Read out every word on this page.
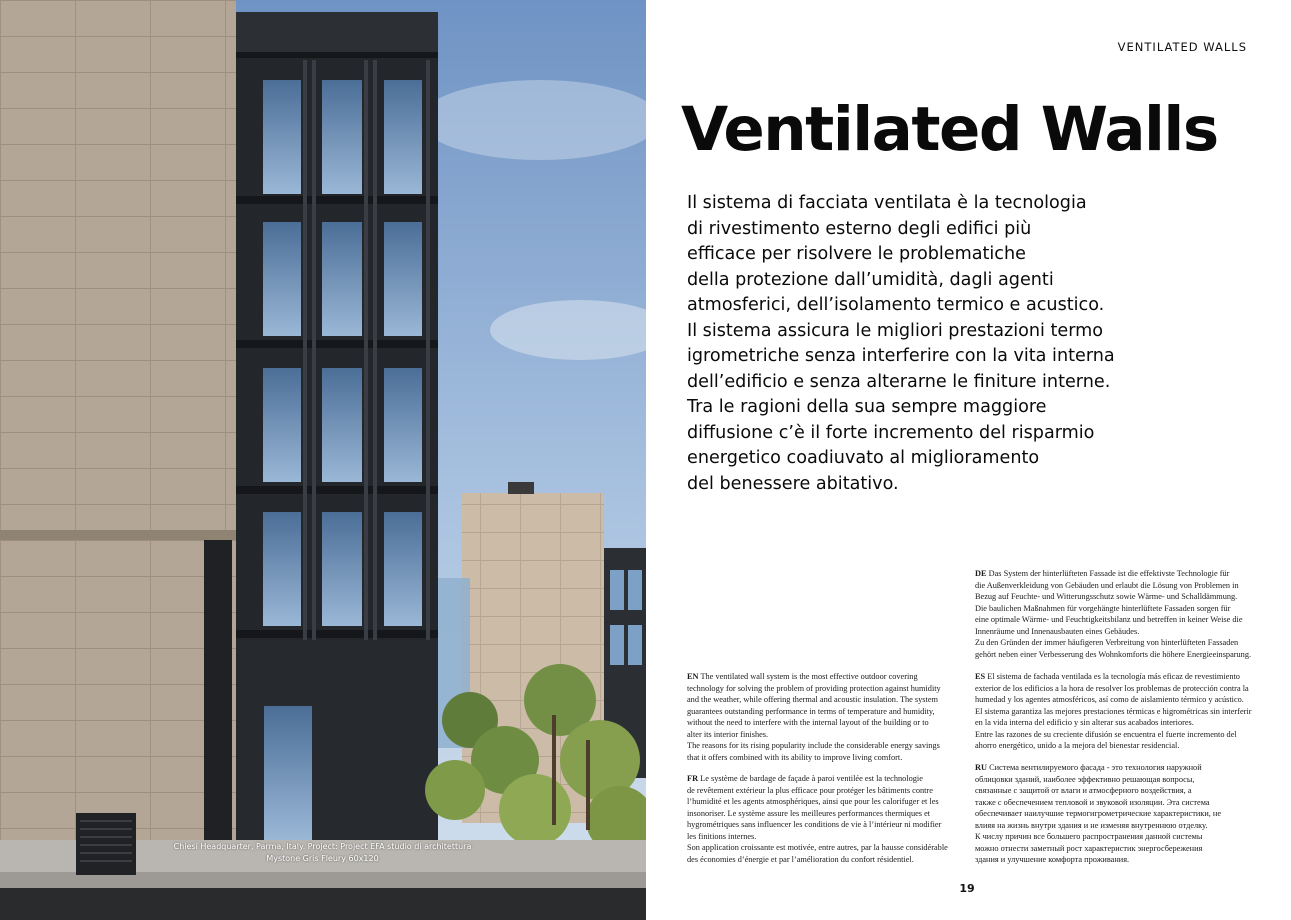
Chiesi Headquarter, Parma, Italy. Project: Project EFA studio di architettura
Mystone Gris Fleury 60x120
VENTILATED WALLS
Ventilated Walls
Il sistema di facciata ventilata è la tecnologia
di rivestimento esterno degli edifici più
efficace per risolvere le problematiche
della protezione dall’umidità, dagli agenti
atmosferici, dell’isolamento termico e acustico.
Il sistema assicura le migliori prestazioni termo
igrometriche senza interferire con la vita interna
dell’edificio e senza alterarne le finiture interne.
Tra le ragioni della sua sempre maggiore
diffusione c’è il forte incremento del risparmio
energetico coadiuvato al miglioramento
del benessere abitativo.
DE Das System der hinterlüfteten Fassade ist die effektivste Technologie für
die Außenverkleidung von Gebäuden und erlaubt die Lösung von Problemen in
Bezug auf Feuchte- und Witterungsschutz sowie Wärme- und Schalldämmung.
Die baulichen Maßnahmen für vorgehängte hinterlüftete Fassaden sorgen für
eine optimale Wärme- und Feuchtigkeitsbilanz und betreffen in keiner Weise die
Innenräume und Innenausbauten eines Gebäudes.
Zu den Gründen der immer häufigeren Verbreitung von hinterlüfteten Fassaden
gehört neben einer Verbesserung des Wohnkomforts die höhere Energieeinsparung.
ES El sistema de fachada ventilada es la tecnología más eficaz de revestimiento
exterior de los edificios a la hora de resolver los problemas de protección contra la
humedad y los agentes atmosféricos, así como de aislamiento térmico y acústico.
El sistema garantiza las mejores prestaciones térmicas e higrométricas sin interferir
en la vida interna del edificio y sin alterar sus acabados interiores.
Entre las razones de su creciente difusión se encuentra el fuerte incremento del
ahorro energético, unido a la mejora del bienestar residencial.
RU Система вентилируемого фасада - это технология наружной
облицовки зданий, наиболее эффективно решающая вопросы,
связанные с защитой от влаги и атмосферного воздействия, а
также с обеспечением тепловой и звуковой изоляции. Эта система
обеспечивает наилучшие термогигрометрические характеристики, не
влияя на жизнь внутри здания и не изменяя внутреннюю отделку.
К числу причин все большего распространения данной системы
можно отнести заметный рост характеристик энергосбережения
здания и улучшение комфорта проживания.
EN The ventilated wall system is the most effective outdoor covering
technology for solving the problem of providing protection against humidity
and the weather, while offering thermal and acoustic insulation. The system
guarantees outstanding performance in terms of temperature and humidity,
without the need to interfere with the internal layout of the building or to
alter its interior finishes.
The reasons for its rising popularity include the considerable energy savings
that it offers combined with its ability to improve living comfort.
FR Le système de bardage de façade à paroi ventilée est la technologie
de revêtement extérieur la plus efficace pour protéger les bâtiments contre
l’humidité et les agents atmosphériques, ainsi que pour les calorifuger et les
insonoriser. Le système assure les meilleures performances thermiques et
hygrométriques sans influencer les conditions de vie à l’intérieur ni modifier
les finitions internes.
Son application croissante est motivée, entre autres, par la hausse considérable
des économies d’énergie et par l’amélioration du confort résidentiel.
19
